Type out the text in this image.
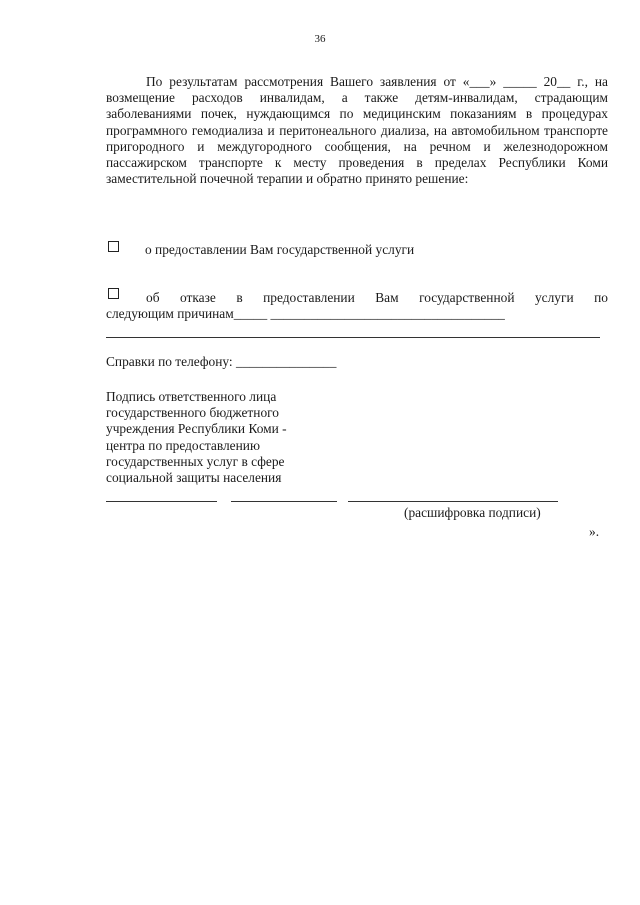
36

По результатам рассмотрения Вашего заявления от «___» _____ 20__ г., на возмещение расходов инвалидам, а также детям-инвалидам, страдающим заболеваниями почек, нуждающимся по медицинским показаниям в процедурах программного гемодиализа и перитонеального диализа, на автомобильном транспорте пригородного и междугородного сообщения, на речном и железнодорожном пассажирском транспорте к месту проведения в пределах Республики Коми заместительной почечной терапии и обратно принято решение:

о предоставлении Вам государственной услуги
об отказе в предоставлении Вам государственной услуги по
следующим причинам_____ ___________________________________
Справки по телефону: _______________
Подпись ответственного лица
государственного бюджетного
учреждения Республики Коми -
центра по предоставлению
государственных услуг в сфере
социальной защиты населения
(расшифровка подписи)
».
